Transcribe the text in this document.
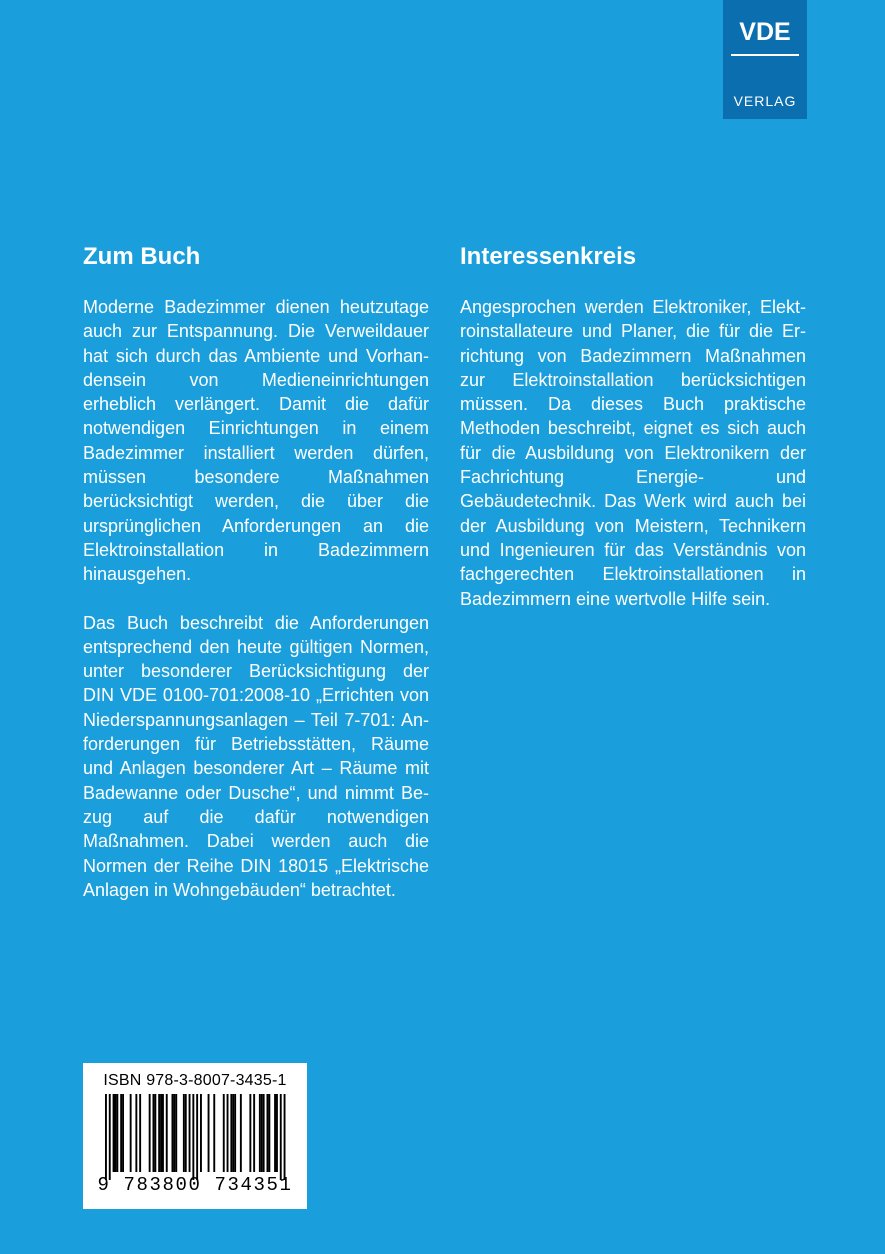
VDE
VERLAG
Zum Buch

Moderne Badezimmer dienen heutzutage auch zur Entspannung. Die Verweildauer hat sich durch das Ambiente und Vorhandensein von Medieneinrichtungen erheblich verlängert. Damit die dafür notwendigen Einrichtungen in einem Badezimmer installiert werden dürfen, müssen besondere Maßnahmen berücksichtigt werden, die über die ursprünglichen Anforderungen an die Elektroinstallation in Badezimmern hinausgehen.

Das Buch beschreibt die Anforderungen entsprechend den heute gültigen Normen, unter besonderer Berücksichtigung der DIN VDE 0100-701:2008-10 „Errichten von Niederspannungsanlagen – Teil 7-701: Anforderungen für Betriebsstätten, Räume und Anlagen besonderer Art – Räume mit Badewanne oder Dusche“, und nimmt Bezug auf die dafür notwendigen Maßnahmen. Dabei werden auch die Normen der Reihe DIN 18015 „Elektrische Anlagen in Wohngebäuden“ betrachtet.

Interessenkreis

Angesprochen werden Elektroniker, Elektroinstallateure und Planer, die für die Errichtung von Badezimmern Maßnahmen zur Elektroinstallation berücksichtigen müssen. Da dieses Buch praktische Methoden beschreibt, eignet es sich auch für die Ausbildung von Elektronikern der Fachrichtung Energie- und Gebäudetechnik. Das Werk wird auch bei der Ausbildung von Meistern, Technikern und Ingenieuren für das Verständnis von fachgerechten Elektroinstallationen in Badezimmern eine wertvolle Hilfe sein.

ISBN 978-3-8007-3435-1
9 783800 734351
